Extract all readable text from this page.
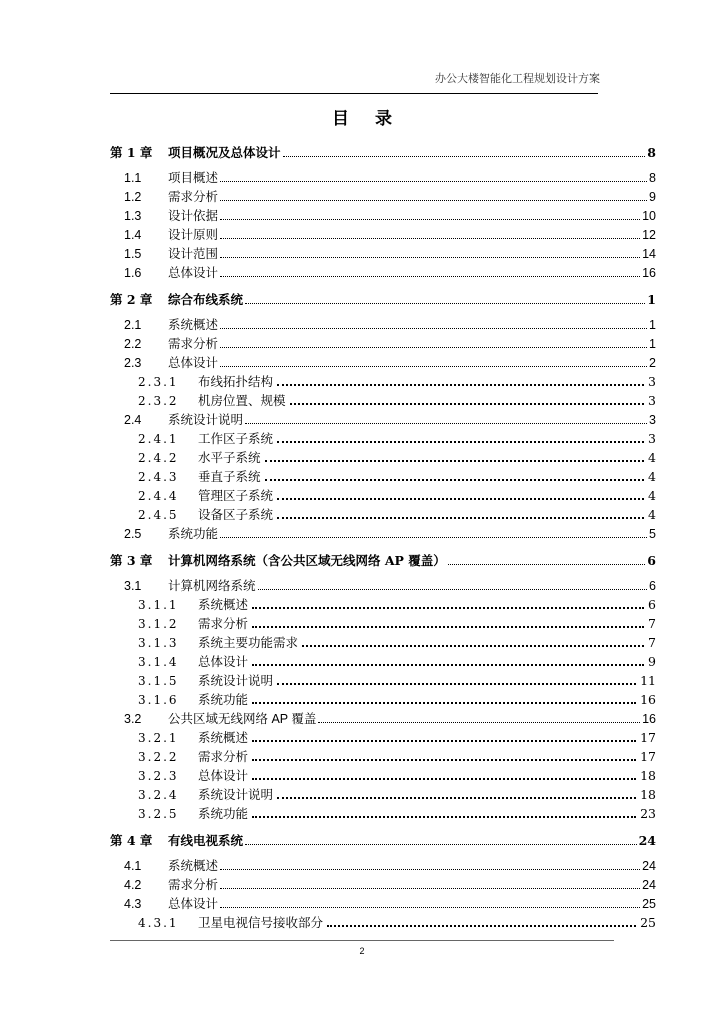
办公大楼智能化工程规划设计方案
目 录
第 1 章	项目概况及总体设计	8
1.1	项目概述	8
1.2	需求分析	9
1.3	设计依据	10
1.4	设计原则	12
1.5	设计范围	14
1.6	总体设计	16
第 2 章	综合布线系统	1
2.1	系统概述	1
2.2	需求分析	1
2.3	总体设计	2
2.3.1	布线拓扑结构	3
2.3.2	机房位置、规模	3
2.4	系统设计说明	3
2.4.1	工作区子系统	3
2.4.2	水平子系统	4
2.4.3	垂直子系统	4
2.4.4	管理区子系统	4
2.4.5	设备区子系统	4
2.5	系统功能	5
第 3 章	计算机网络系统（含公共区域无线网络 AP 覆盖）	6
3.1	计算机网络系统	6
3.1.1	系统概述	6
3.1.2	需求分析	7
3.1.3	系统主要功能需求	7
3.1.4	总体设计	9
3.1.5	系统设计说明	11
3.1.6	系统功能	16
3.2	公共区域无线网络 AP 覆盖	16
3.2.1	系统概述	17
3.2.2	需求分析	17
3.2.3	总体设计	18
3.2.4	系统设计说明	18
3.2.5	系统功能	23
第 4 章	有线电视系统	24
4.1	系统概述	24
4.2	需求分析	24
4.3	总体设计	25
4.3.1	卫星电视信号接收部分	25
2
